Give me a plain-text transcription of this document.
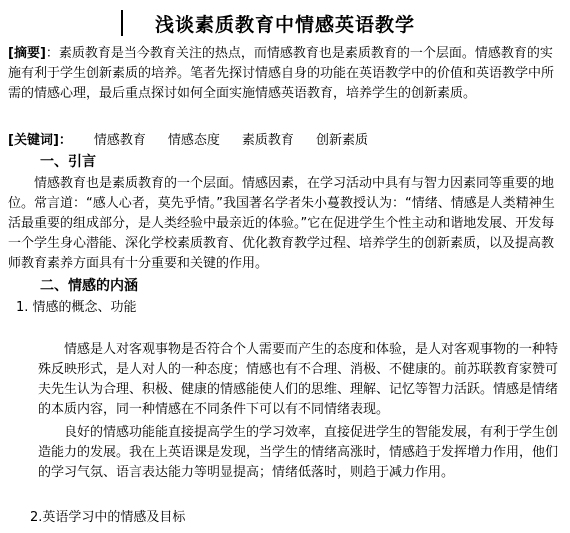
浅谈素质教育中情感英语教学
[摘要]：素质教育是当今教育关注的热点，而情感教育也是素质教育的一个层面。情感教育的实施有利于学生创新素质的培养。笔者先探讨情感自身的功能在英语教学中的价值和英语教学中所需的情感心理，最后重点探讨如何全面实施情感英语教育，培养学生的创新素质。
[关键词]： 情感教育 情感态度 素质教育 创新素质
一、引言
情感教育也是素质教育的一个层面。情感因素，在学习活动中具有与智力因素同等重要的地位。常言道：“感人心者，莫先乎情。”我国著名学者朱小蔓教授认为：“情绪、情感是人类精神生活最重要的组成部分，是人类经验中最亲近的体验。”它在促进学生个性主动和谐地发展、开发每一个学生身心潜能、深化学校素质教育、优化教育教学过程、培养学生的创新素质，以及提高教师教育素养方面具有十分重要和关键的作用。
二、情感的内涵
1. 情感的概念、功能
情感是人对客观事物是否符合个人需要而产生的态度和体验，是人对客观事物的一种特殊反映形式，是人对人的一种态度；情感也有不合理、消极、不健康的。前苏联教育家赞可夫先生认为合理、积极、健康的情感能使人们的思维、理解、记忆等智力活跃。情感是情绪的本质内容，同一种情感在不同条件下可以有不同情绪表现。
良好的情感功能能直接提高学生的学习效率，直接促进学生的智能发展，有利于学生创造能力的发展。我在上英语课是发现，当学生的情绪高涨时，情感趋于发挥增力作用，他们的学习气氛、语言表达能力等明显提高；情绪低落时，则趋于减力作用。
2.英语学习中的情感及目标
